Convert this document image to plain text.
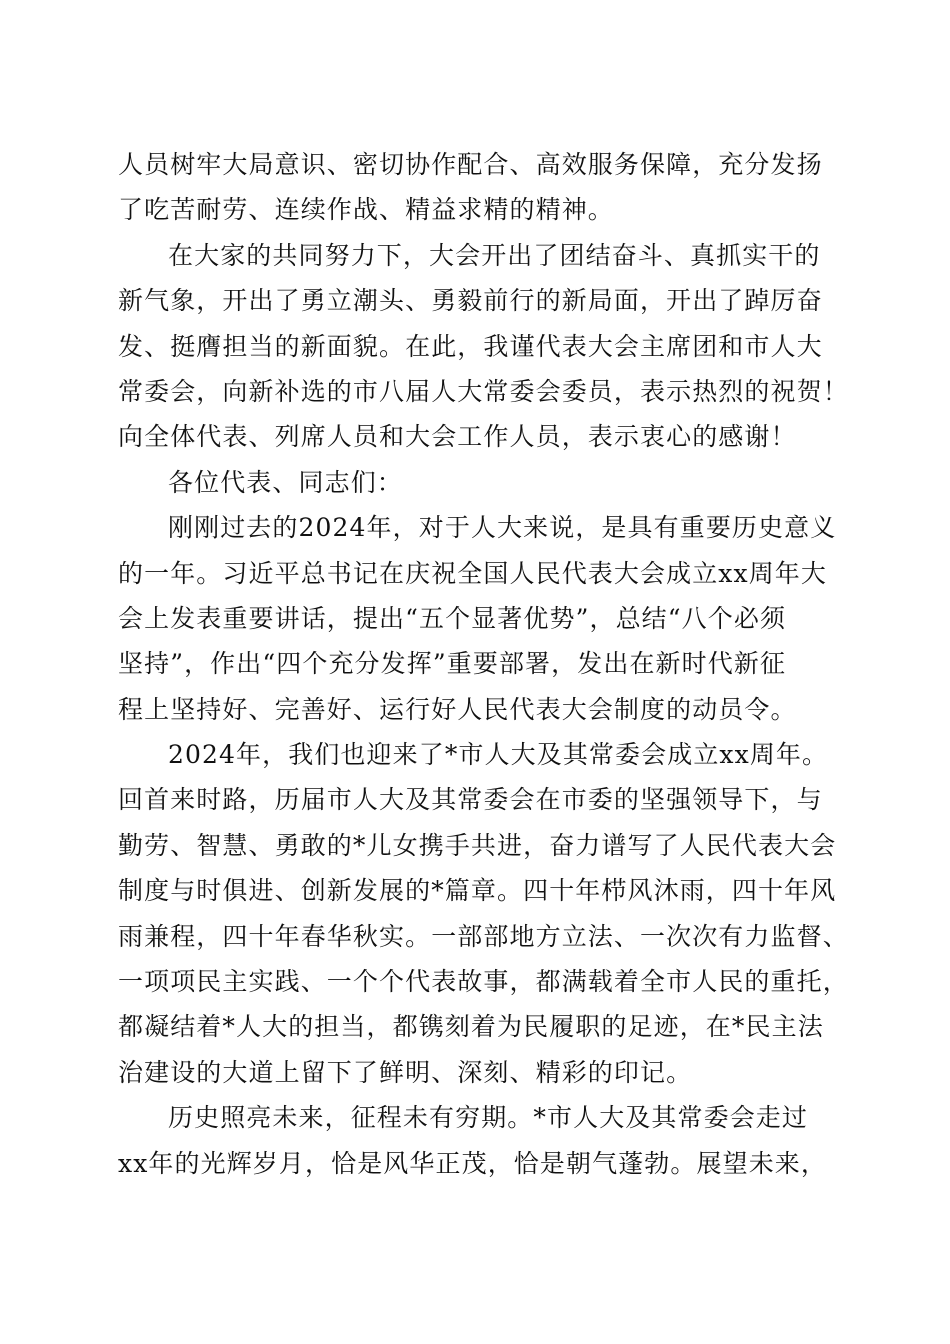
人员树牢大局意识、密切协作配合、高效服务保障，充分发扬
了吃苦耐劳、连续作战、精益求精的精神。

在大家的共同努力下，大会开出了团结奋斗、真抓实干的
新气象，开出了勇立潮头、勇毅前行的新局面，开出了踔厉奋
发、挺膺担当的新面貌。在此，我谨代表大会主席团和市人大
常委会，向新补选的市八届人大常委会委员，表示热烈的祝贺！
向全体代表、列席人员和大会工作人员，表示衷心的感谢！

各位代表、同志们：

刚刚过去的2024年，对于人大来说，是具有重要历史意义
的一年。习近平总书记在庆祝全国人民代表大会成立xx周年大
会上发表重要讲话，提出“五个显著优势”，总结“八个必须
坚持”，作出“四个充分发挥”重要部署，发出在新时代新征
程上坚持好、完善好、运行好人民代表大会制度的动员令。

2024年，我们也迎来了*市人大及其常委会成立xx周年。
回首来时路，历届市人大及其常委会在市委的坚强领导下，与
勤劳、智慧、勇敢的*儿女携手共进，奋力谱写了人民代表大会
制度与时俱进、创新发展的*篇章。四十年栉风沐雨，四十年风
雨兼程，四十年春华秋实。一部部地方立法、一次次有力监督、
一项项民主实践、一个个代表故事，都满载着全市人民的重托，
都凝结着*人大的担当，都镌刻着为民履职的足迹，在*民主法
治建设的大道上留下了鲜明、深刻、精彩的印记。

历史照亮未来，征程未有穷期。*市人大及其常委会走过
xx年的光辉岁月，恰是风华正茂，恰是朝气蓬勃。展望未来，
